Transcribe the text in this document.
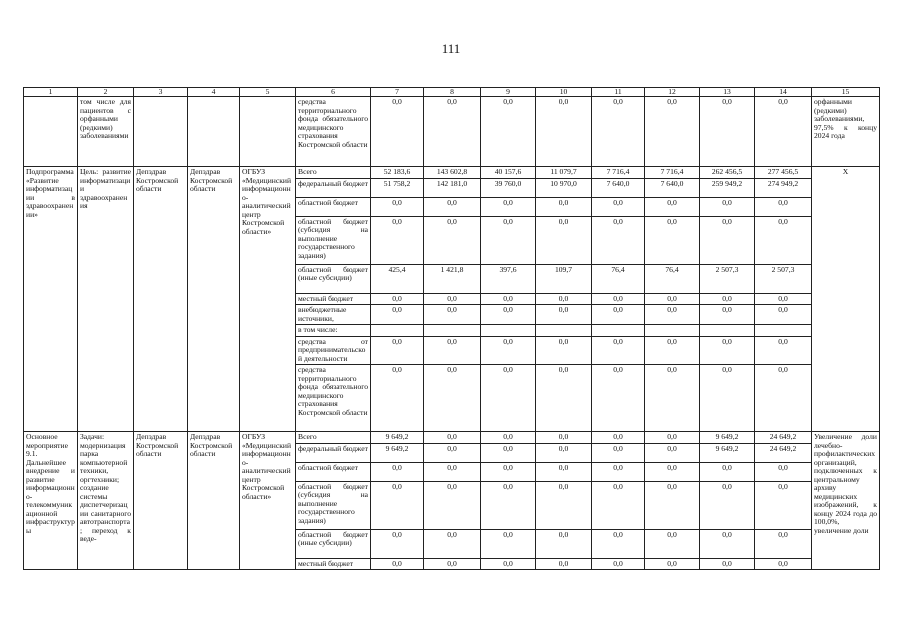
111
1	2	3	4	5	6	7	8	9	10	11	12	13	14	15
	том числе для пациентов с орфанными (редкими) заболеваниями				средства территориального фонда обязательного медицинского страхования Костромской области	0,0	0,0	0,0	0,0	0,0	0,0	0,0	0,0	орфанными (редкими) заболеваниями, 97,5% к концу 2024 года
Подпрограмма «Развитие информатизации в здравоохранении»	Цель: развитие информатизации здравоохранения	Депздрав Костромской области	Депздрав Костромской области	ОГБУЗ «Медицинский информационно-аналитический центр Костромской области»	Всего	52 183,6	143 602,8	40 157,6	11 079,7	7 716,4	7 716,4	262 456,5	277 456,5	Х
					федеральный бюджет	51 758,2	142 181,0	39 760,0	10 970,0	7 640,0	7 640,0	259 949,2	274 949,2	
					областной бюджет	0,0	0,0	0,0	0,0	0,0	0,0	0,0	0,0	
					областной бюджет (субсидия на выполнение государственного задания)	0,0	0,0	0,0	0,0	0,0	0,0	0,0	0,0	
					областной бюджет (иные субсидии)	425,4	1 421,8	397,6	109,7	76,4	76,4	2 507,3	2 507,3	
					местный бюджет	0,0	0,0	0,0	0,0	0,0	0,0	0,0	0,0	
					внебюджетные источники,	0,0	0,0	0,0	0,0	0,0	0,0	0,0	0,0	
					в том числе:									
					средства от предпринимательской деятельности	0,0	0,0	0,0	0,0	0,0	0,0	0,0	0,0	
					средства территориального фонда обязательного медицинского страхования Костромской области	0,0	0,0	0,0	0,0	0,0	0,0	0,0	0,0	
Основное мероприятие 9.1. Дальнейшее внедрение и развитие информационно-телекоммуникационной инфраструктуры	Задачи: модернизация парка компьютерной техники, оргтехники; создание системы диспетчеризации санитарного автотранспорта; переход к веде-	Депздрав Костромской области	Депздрав Костромской области	ОГБУЗ «Медицинский информационно-аналитический центр Костромской области»	Всего	9 649,2	0,0	0,0	0,0	0,0	0,0	9 649,2	24 649,2	Увеличение доли лечебно-профилактических организаций, подключенных к центральному архиву медицинских изображений, к концу 2024 года до 100,0%, увеличение доли
					федеральный бюджет	9 649,2	0,0	0,0	0,0	0,0	0,0	9 649,2	24 649,2	
					областной бюджет	0,0	0,0	0,0	0,0	0,0	0,0	0,0	0,0	
					областной бюджет (субсидия на выполнение государственного задания)	0,0	0,0	0,0	0,0	0,0	0,0	0,0	0,0	
					областной бюджет (иные субсидии)	0,0	0,0	0,0	0,0	0,0	0,0	0,0	0,0	
					местный бюджет	0,0	0,0	0,0	0,0	0,0	0,0	0,0	0,0	
